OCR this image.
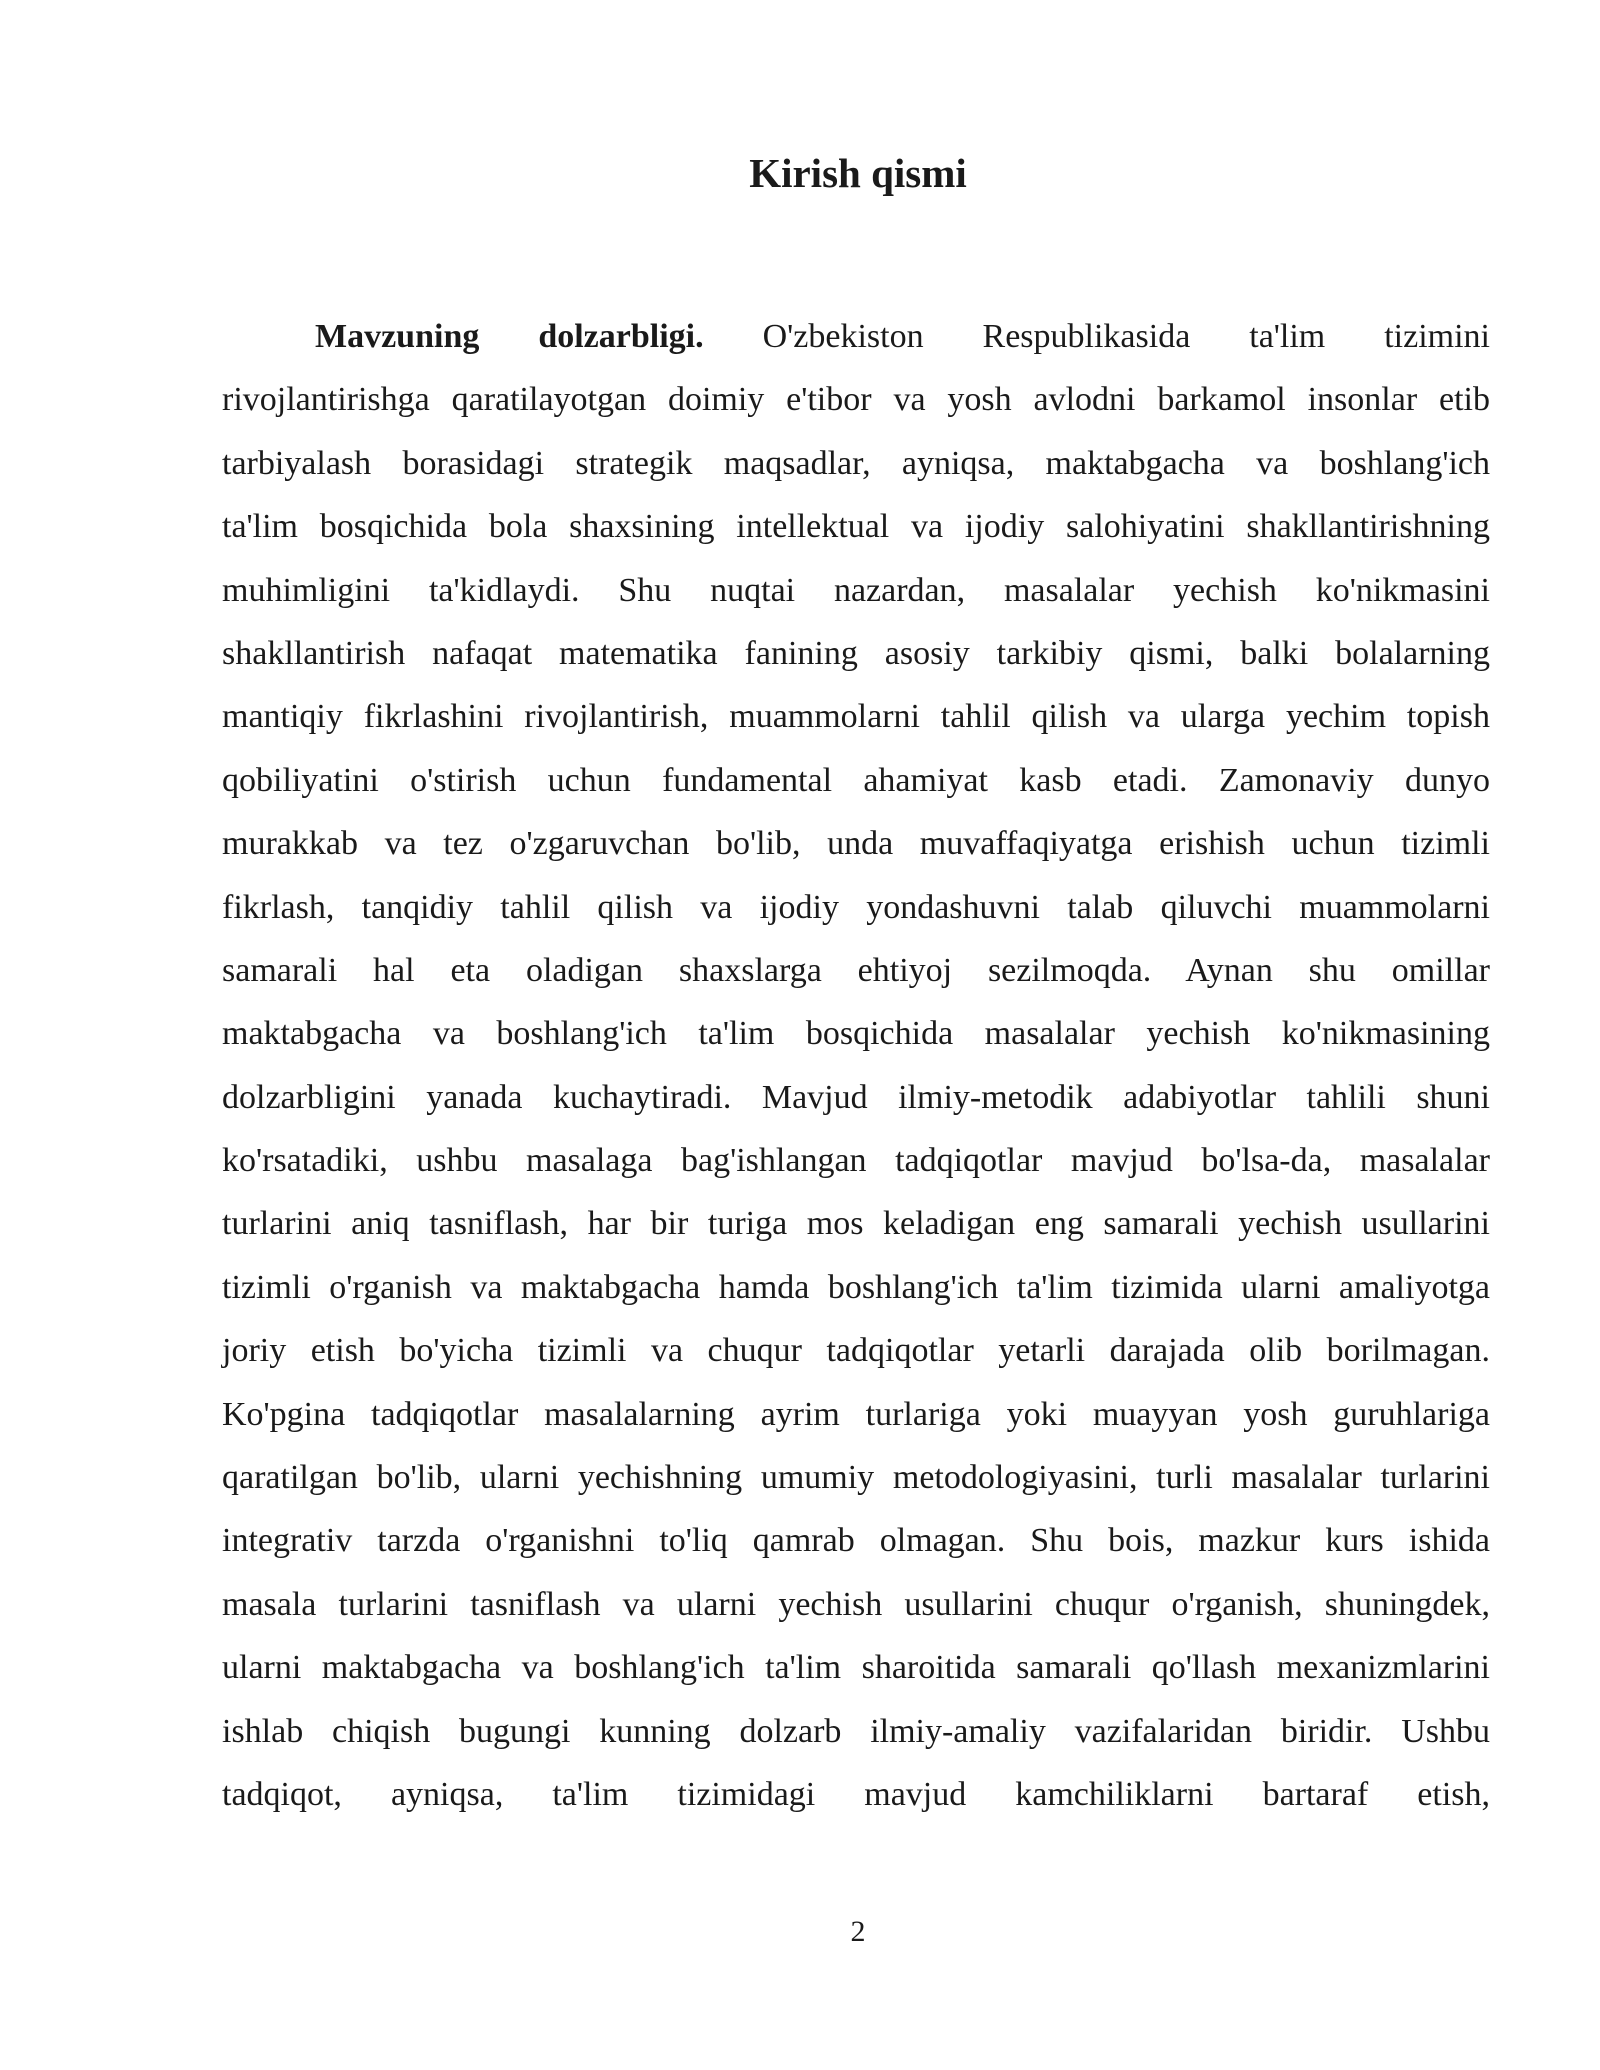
Kirish qismi
Mavzuning dolzarbligi. O'zbekiston Respublikasida ta'lim tizimini
rivojlantirishga qaratilayotgan doimiy e'tibor va yosh avlodni barkamol insonlar etib
tarbiyalash borasidagi strategik maqsadlar, ayniqsa, maktabgacha va boshlang'ich
ta'lim bosqichida bola shaxsining intellektual va ijodiy salohiyatini shakllantirishning
muhimligini ta'kidlaydi. Shu nuqtai nazardan, masalalar yechish ko'nikmasini
shakllantirish nafaqat matematika fanining asosiy tarkibiy qismi, balki bolalarning
mantiqiy fikrlashini rivojlantirish, muammolarni tahlil qilish va ularga yechim topish
qobiliyatini o'stirish uchun fundamental ahamiyat kasb etadi. Zamonaviy dunyo
murakkab va tez o'zgaruvchan bo'lib, unda muvaffaqiyatga erishish uchun tizimli
fikrlash, tanqidiy tahlil qilish va ijodiy yondashuvni talab qiluvchi muammolarni
samarali hal eta oladigan shaxslarga ehtiyoj sezilmoqda. Aynan shu omillar
maktabgacha va boshlang'ich ta'lim bosqichida masalalar yechish ko'nikmasining
dolzarbligini yanada kuchaytiradi. Mavjud ilmiy-metodik adabiyotlar tahlili shuni
ko'rsatadiki, ushbu masalaga bag'ishlangan tadqiqotlar mavjud bo'lsa-da, masalalar
turlarini aniq tasniflash, har bir turiga mos keladigan eng samarali yechish usullarini
tizimli o'rganish va maktabgacha hamda boshlang'ich ta'lim tizimida ularni amaliyotga
joriy etish bo'yicha tizimli va chuqur tadqiqotlar yetarli darajada olib borilmagan.
Ko'pgina tadqiqotlar masalalarning ayrim turlariga yoki muayyan yosh guruhlariga
qaratilgan bo'lib, ularni yechishning umumiy metodologiyasini, turli masalalar turlarini
integrativ tarzda o'rganishni to'liq qamrab olmagan. Shu bois, mazkur kurs ishida
masala turlarini tasniflash va ularni yechish usullarini chuqur o'rganish, shuningdek,
ularni maktabgacha va boshlang'ich ta'lim sharoitida samarali qo'llash mexanizmlarini
ishlab chiqish bugungi kunning dolzarb ilmiy-amaliy vazifalaridan biridir. Ushbu
tadqiqot, ayniqsa, ta'lim tizimidagi mavjud kamchiliklarni bartaraf etish,
2
